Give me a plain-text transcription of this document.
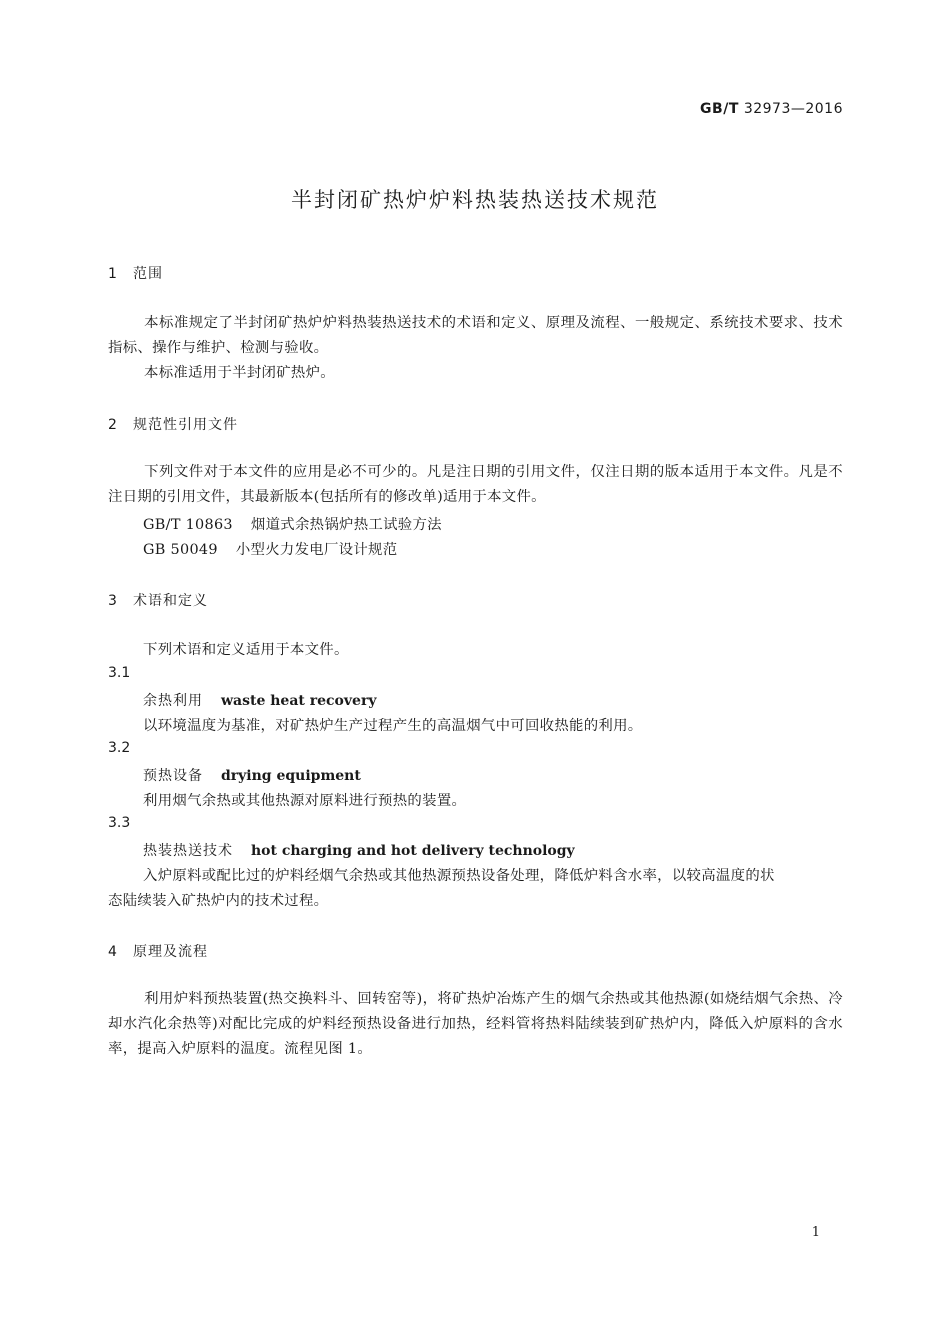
GB/T 32973—2016
半封闭矿热炉炉料热装热送技术规范
1 范围
本标准规定了半封闭矿热炉炉料热装热送技术的术语和定义、原理及流程、一般规定、系统技术要求、技术指标、操作与维护、检测与验收。
本标准适用于半封闭矿热炉。
2 规范性引用文件
下列文件对于本文件的应用是必不可少的。凡是注日期的引用文件，仅注日期的版本适用于本文件。凡是不注日期的引用文件，其最新版本(包括所有的修改单)适用于本文件。
GB/T 10863 烟道式余热锅炉热工试验方法
GB 50049 小型火力发电厂设计规范
3 术语和定义
下列术语和定义适用于本文件。
3.1
余热利用 waste heat recovery
以环境温度为基准，对矿热炉生产过程产生的高温烟气中可回收热能的利用。
3.2
预热设备 drying equipment
利用烟气余热或其他热源对原料进行预热的装置。
3.3
热装热送技术 hot charging and hot delivery technology
入炉原料或配比过的炉料经烟气余热或其他热源预热设备处理，降低炉料含水率，以较高温度的状
态陆续装入矿热炉内的技术过程。
4 原理及流程
利用炉料预热装置(热交换料斗、回转窑等)，将矿热炉冶炼产生的烟气余热或其他热源(如烧结烟气余热、冷却水汽化余热等)对配比完成的炉料经预热设备进行加热，经料管将热料陆续装到矿热炉内，降低入炉原料的含水率，提高入炉原料的温度。流程见图 1。
1
